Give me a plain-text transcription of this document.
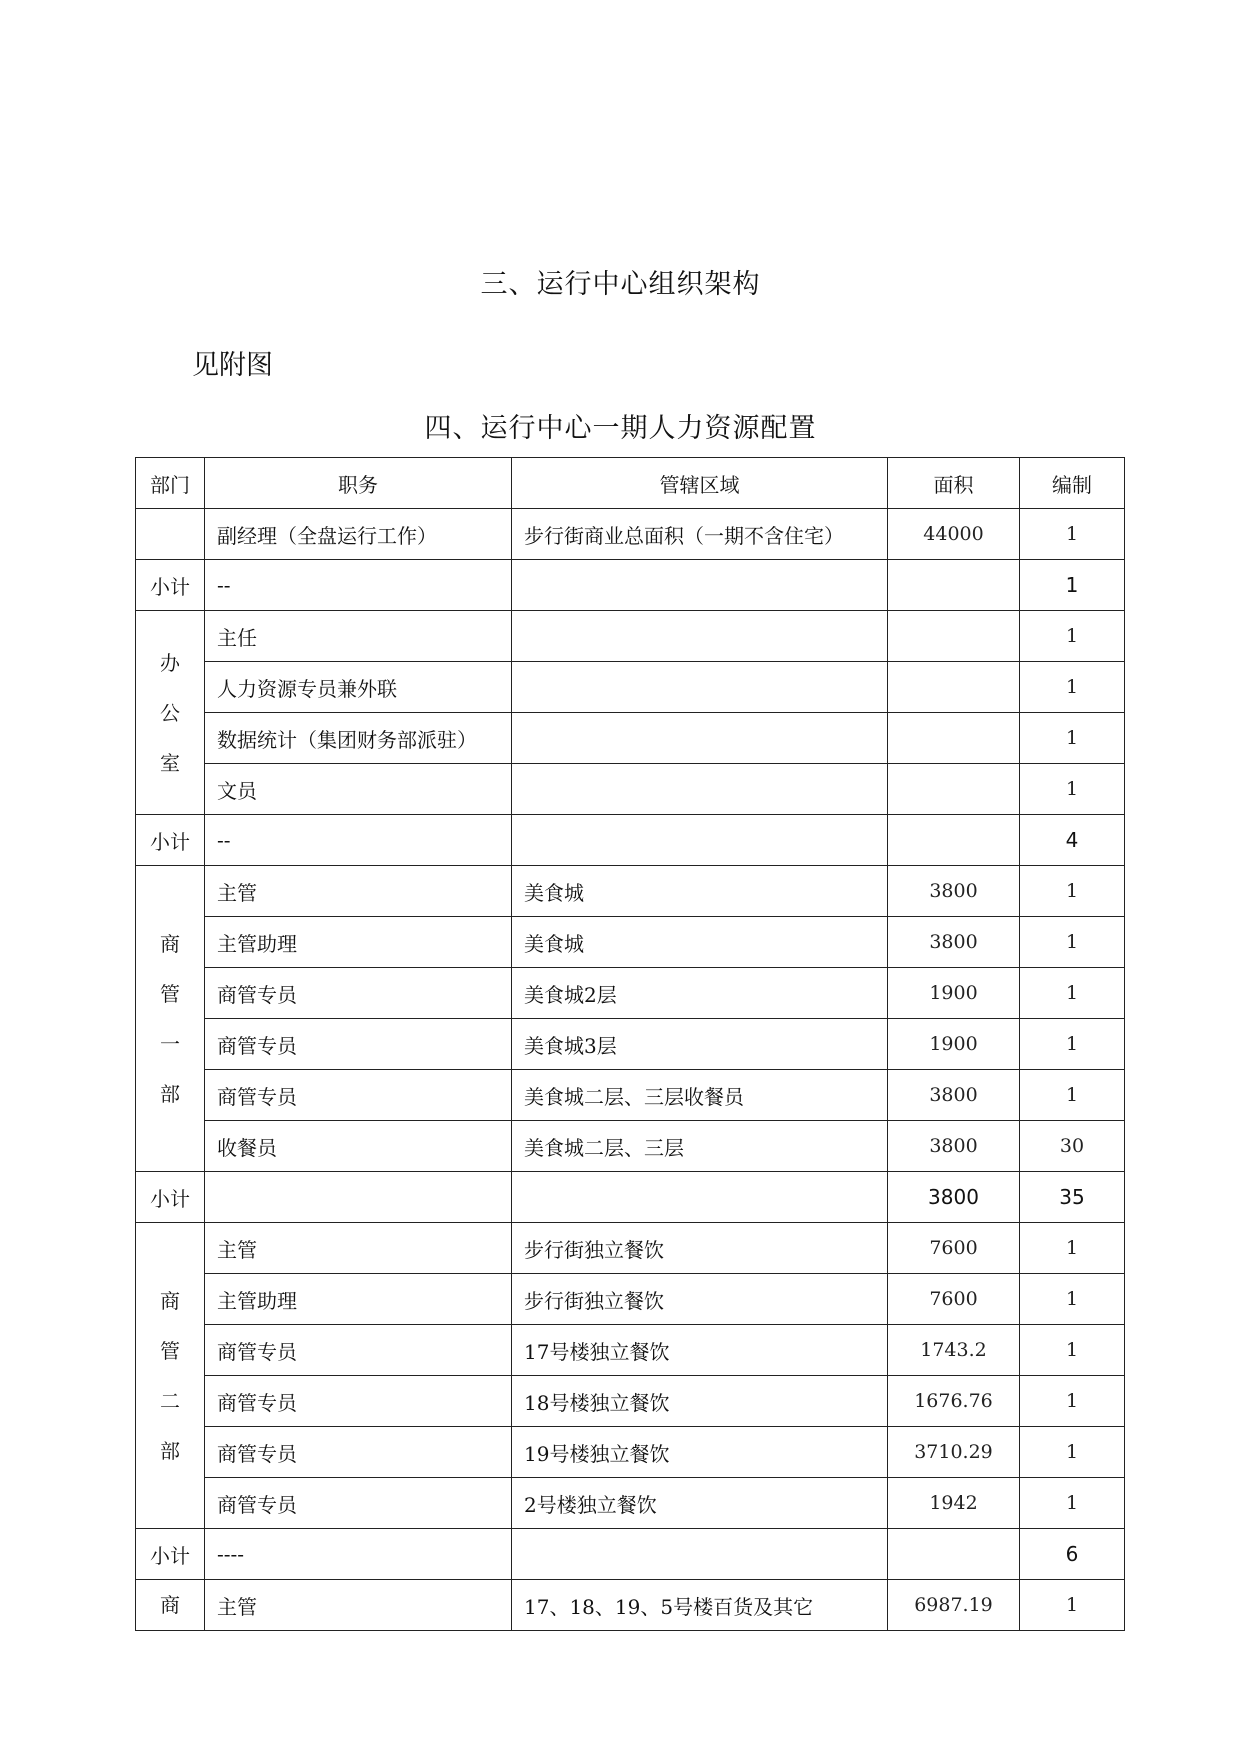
三、运行中心组织架构
见附图
四、运行中心一期人力资源配置
部门	职务	管辖区域	面积	编制
	副经理（全盘运行工作）	步行街商业总面积（一期不含住宅）	44000	1
小计	--			1

办
公
室	主任			1
	人力资源专员兼外联			1
	数据统计（集团财务部派驻）			1
	文员			1
小计	--			4

商
管
一
部	主管	美食城	3800	1
	主管助理	美食城	3800	1
	商管专员	美食城2层	1900	1
	商管专员	美食城3层	1900	1
	商管专员	美食城二层、三层收餐员	3800	1
	收餐员	美食城二层、三层	3800	30
小计			3800	35

商
管
二
部	主管	步行街独立餐饮	7600	1
	主管助理	步行街独立餐饮	7600	1
	商管专员	17号楼独立餐饮	1743.2	1
	商管专员	18号楼独立餐饮	1676.76	1
	商管专员	19号楼独立餐饮	3710.29	1
	商管专员	2号楼独立餐饮	1942	1
小计	----			6

商	主管	17、18、19、5号楼百货及其它	6987.19	1
